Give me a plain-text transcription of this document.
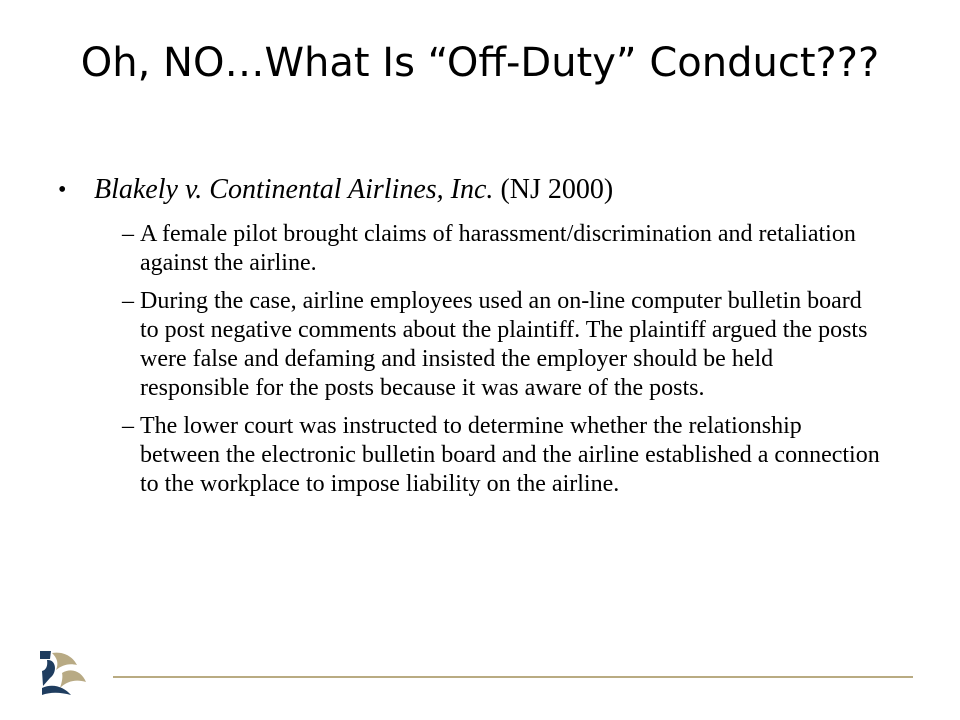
Oh, NO…What Is “Off-Duty” Conduct???
• Blakely v. Continental Airlines, Inc. (NJ 2000)
– A female pilot brought claims of harassment/discrimination and retaliation against the airline.
– During the case, airline employees used an on-line computer bulletin board to post negative comments about the plaintiff. The plaintiff argued the posts were false and defaming and insisted the employer should be held responsible for the posts because it was aware of the posts.
– The lower court was instructed to determine whether the relationship between the electronic bulletin board and the airline established a connection to the workplace to impose liability on the airline.
